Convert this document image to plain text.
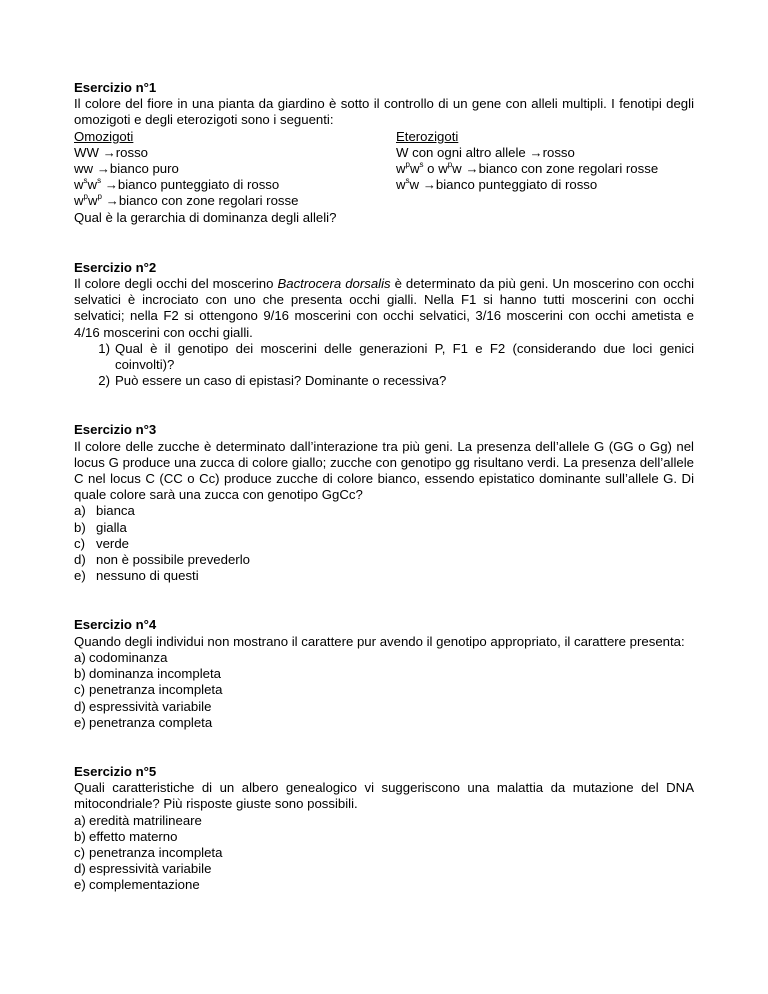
Esercizio n°1

Il colore del fiore in una pianta da giardino è sotto il controllo di un gene con alleli multipli. I fenotipi degli omozigoti e degli eterozigoti sono i seguenti:

Omozigoti
WW →rosso
ww →bianco puro
$w^sw^s$ →bianco punteggiato di rosso
$w^pw^p$ →bianco con zone regolari rosse
Eterozigoti
W con ogni altro allele →rosso
$w^pw^s$ o $w^pw$ →bianco con zone regolari rosse
$w^sw$ →bianco punteggiato di rosso
Qual è la gerarchia di dominanza degli alleli?
Esercizio n°2

Il colore degli occhi del moscerino Bactrocera dorsalis è determinato da più geni. Un moscerino con occhi selvatici è incrociato con uno che presenta occhi gialli. Nella F1 si hanno tutti moscerini con occhi selvatici; nella F2 si ottengono 9/16 moscerini con occhi selvatici, 3/16 moscerini con occhi ametista e 4/16 moscerini con occhi gialli.

1) Qual è il genotipo dei moscerini delle generazioni P, F1 e F2 (considerando due loci genici coinvolti)?
2) Può essere un caso di epistasi? Dominante o recessiva?
Esercizio n°3

Il colore delle zucche è determinato dall’interazione tra più geni. La presenza dell’allele G (GG o Gg) nel locus G produce una zucca di colore giallo; zucche con genotipo gg risultano verdi. La presenza dell’allele C nel locus C (CC o Cc) produce zucche di colore bianco, essendo epistatico dominante sull’allele G. Di quale colore sarà una zucca con genotipo GgCc?

a) bianca
b) gialla
c) verde
d) non è possibile prevederlo
e) nessuno di questi
Esercizio n°4

Quando degli individui non mostrano il carattere pur avendo il genotipo appropriato, il carattere presenta:

a) codominanza
b) dominanza incompleta
c) penetranza incompleta
d) espressività variabile
e) penetranza completa
Esercizio n°5

Quali caratteristiche di un albero genealogico vi suggeriscono una malattia da mutazione del DNA mitocondriale? Più risposte giuste sono possibili.

a) eredità matrilineare
b) effetto materno
c) penetranza incompleta
d) espressività variabile
e) complementazione
